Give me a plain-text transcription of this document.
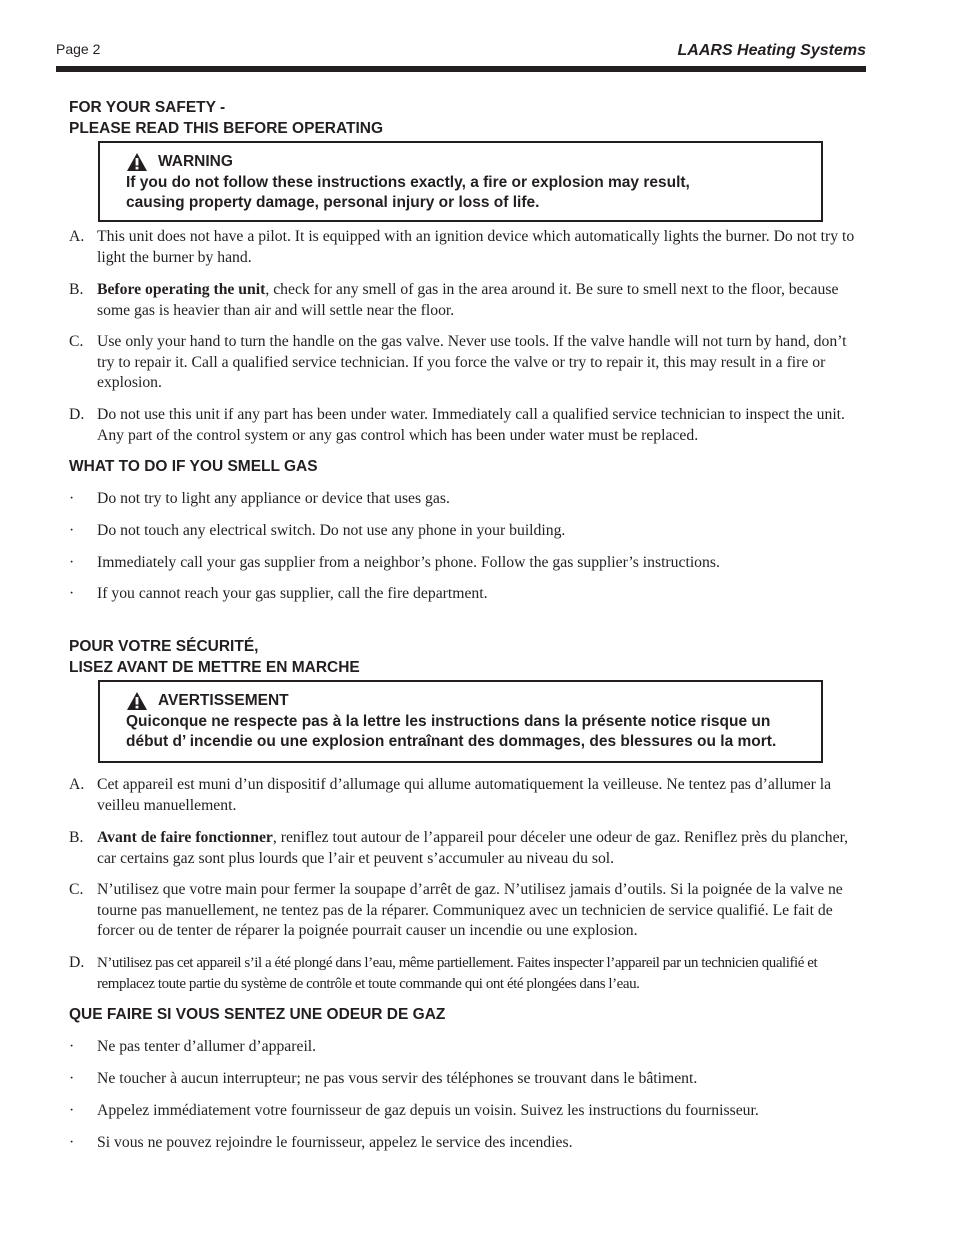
Page 2	LAARS Heating Systems
FOR YOUR SAFETY -
PLEASE READ THIS BEFORE OPERATING
WARNING
If you do not follow these instructions exactly, a fire or explosion may result,
causing property damage, personal injury or loss of life.
A. This unit does not have a pilot. It is equipped with an ignition device which automatically lights the burner. Do not try to light the burner by hand.
B. Before operating the unit, check for any smell of gas in the area around it. Be sure to smell next to the floor, because some gas is heavier than air and will settle near the floor.
C. Use only your hand to turn the handle on the gas valve. Never use tools. If the valve handle will not turn by hand, don’t try to repair it. Call a qualified service technician. If you force the valve or try to repair it, this may result in a fire or explosion.
D. Do not use this unit if any part has been under water. Immediately call a qualified service technician to inspect the unit. Any part of the control system or any gas control which has been under water must be replaced.
WHAT TO DO IF YOU SMELL GAS
·	Do not try to light any appliance or device that uses gas.
·	Do not touch any electrical switch. Do not use any phone in your building.
·	Immediately call your gas supplier from a neighbor’s phone. Follow the gas supplier’s instructions.
·	If you cannot reach your gas supplier, call the fire department.
POUR VOTRE SÉCURITÉ,
LISEZ AVANT DE METTRE EN MARCHE
AVERTISSEMENT
Quiconque ne respecte pas à la lettre les instructions dans la présente notice risque un
début d’ incendie ou une explosion entraînant des dommages, des blessures ou la mort.
A. Cet appareil est muni d’un dispositif d’allumage qui allume automatiquement la veilleuse. Ne tentez pas d’allumer la veilleu manuellement.
B. Avant de faire fonctionner, reniflez tout autour de l’appareil pour déceler une odeur de gaz. Reniflez près du plancher, car certains gaz sont plus lourds que l’air et peuvent s’accumuler au niveau du sol.
C. N’utilisez que votre main pour fermer la soupape d’arrêt de gaz. N’utilisez jamais d’outils. Si la poignée de la valve ne tourne pas manuellement, ne tentez pas de la réparer. Communiquez avec un technicien de service qualifié. Le fait de forcer ou de tenter de réparer la poignée pourrait causer un incendie ou une explosion.
D. N’utilisez pas cet appareil s’il a été plongé dans l’eau, même partiellement. Faites inspecter l’appareil par un technicien qualifié et remplacez toute partie du système de contrôle et toute commande qui ont été plongées dans l’eau.
QUE FAIRE SI VOUS SENTEZ UNE ODEUR DE GAZ
·	Ne pas tenter d’allumer d’appareil.
·	Ne toucher à aucun interrupteur; ne pas vous servir des téléphones se trouvant dans le bâtiment.
·	Appelez immédiatement votre fournisseur de gaz depuis un voisin. Suivez les instructions du fournisseur.
·	Si vous ne pouvez rejoindre le fournisseur, appelez le service des incendies.
